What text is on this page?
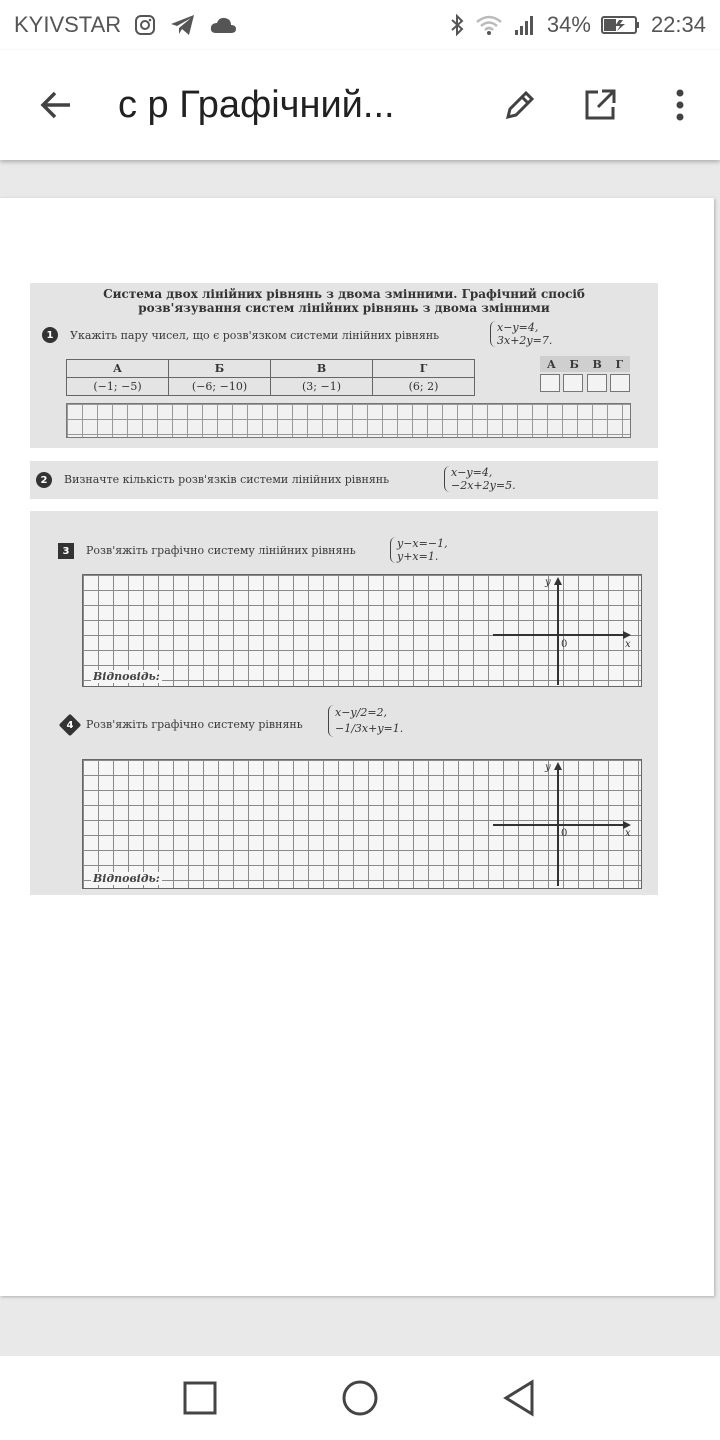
KYIVSTAR	34%	22:34
с р Графічний...
Система двох лінійних рівнянь з двома змінними. Графічний спосіб
розв'язування систем лінійних рівнянь з двома змінними
1	Укажіть пару чисел, що є розв'язком системи лінійних рівнянь
x−y=4,
3x+2y=7.
А	Б	В	Г
(−1; −5)	(−6; −10)	(3; −1)	(6; 2)
А Б В Г
2	Визначте кількість розв'язків системи лінійних рівнянь
x−y=4,
−2x+2y=5.
3	Розв'яжіть графічно систему лінійних рівнянь
y−x=−1,
y+x=1.
y
x
0
Відповідь:
4 Розв'яжіть графічно систему рівнянь
x−y/2=2,
−1/3x+y=1.
y
x
0
Відповідь:
